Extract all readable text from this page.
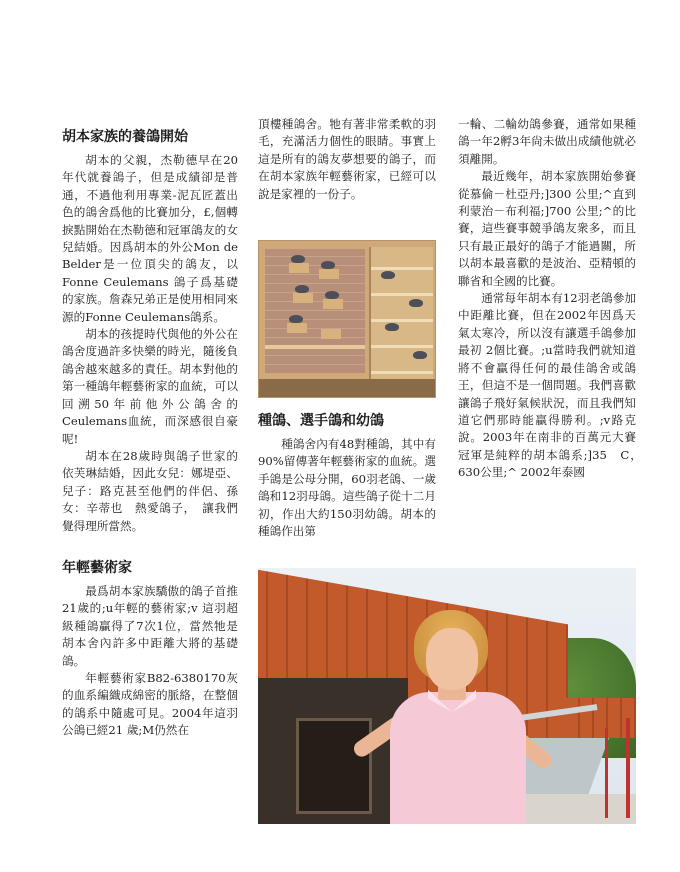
胡本家族的養鴿開始

胡本的父親，杰勒德早在20年代就養鴿子，但是成績卻是普通，不過他利用專業-泥瓦匠蓋出色的鴿舍爲他的比賽加分，£,個轉捩點開始在杰勒德和冠軍鴿友的女兒結婚。因爲胡本的外公Mon de Belder是一位頂尖的鴿友，以Fonne Ceulemans 鴿子爲基礎的家族。詹森兄弟正是使用相同來源的Fonne Ceulemans鴿系。

胡本的孩提時代與他的外公在鴿舍度過許多快樂的時光，隨後負　鴿舍越來越多的責任。胡本對他的第一種鴿年輕藝術家的血統，可以回溯50年前他外公鴿舍的 Ceulemans血統，而深感很自豪呢!

胡本在28歲時與鴿子世家的依芙琳結婚，因此女兒：娜堤亞、兒子：路克甚至他們的伴侶、孫女：辛蒂也　熱愛鴿子，　讓我們覺得理所當然。

年輕藝術家

最爲胡本家族驕傲的鴿子首推21歲的;u年輕的藝術家;v 這羽超級種鴿贏得了7次1位，當然牠是胡本舍內許多中距離大將的基礎鴿。

年輕藝術家B82-6380170灰的血系編織成綿密的脈絡，在整個的鴿系中隨處可見。2004年這羽公鴿已經21 歲;M仍然在

頂樓種鴿舍。牠有著非常柔軟的羽毛，充滿活力個性的眼睛。事實上這是所有的鴿友夢想要的鴿子，而在胡本家族年輕藝術家，已經可以說是家裡的一份子。

種鴿、選手鴿和幼鴿

種鴿舍內有48對種鴿，其中有90%留傳著年輕藝術家的血統。選手鴿是公母分開，60羽老鴿、一歲鴿和12羽母鴿。這些鴿子從十二月初，作出大約150羽幼鴿。胡本的種鴿作出第

一輪、二輪幼鴿參賽，通常如果種鴿一年2孵3年尙未做出成績他就必須離開。

最近幾年，胡本家族開始參賽從慕倫－杜亞丹;]300 公里;^直到利蒙治－布利福;]700 公里;^的比賽，這些賽事競爭鴿友衆多，而且只有最正最好的鴿子才能過關，所以胡本最喜歡的是波治、亞精頓的聯省和全國的比賽。

通常每年胡本有12羽老鴿參加中距離比賽，但在2002年因爲天氣太寒冷，所以沒有讓選手鴿參加最初 2個比賽。;u當時我們就知道將不會贏得任何的最佳鴿舍或鴿王，但這不是一個問題。我們喜歡讓鴿子飛好氣候狀況，而且我們知道它們那時能贏得勝利。;v路克說。2003年在南非的百萬元大賽冠軍是純粹的胡本鴿系;]35　C，　630公里;^ 2002年泰國
